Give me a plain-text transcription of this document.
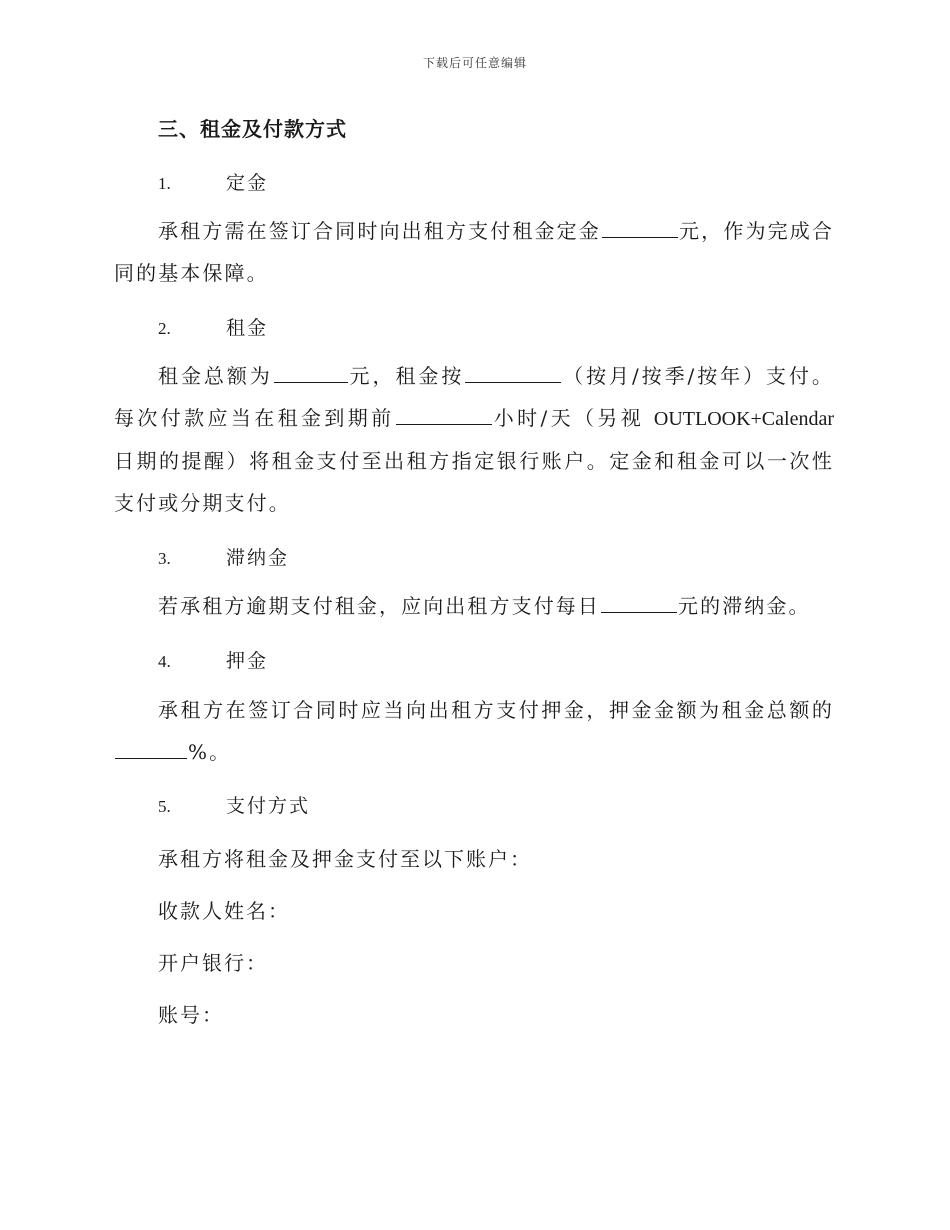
下载后可任意编辑
三、租金及付款方式
1.	定金
承租方需在签订合同时向出租方支付租金定金	元，作为完成合同的基本保障。
2.	租金
租金总额为	元，租金按	（按月/按季/按年）支付。每次付款应当在租金到期前	小时/天（另视 OUTLOOK+Calendar 日期的提醒）将租金支付至出租方指定银行账户。定金和租金可以一次性支付或分期支付。
3.	滞纳金
若承租方逾期支付租金，应向出租方支付每日	元的滞纳金。
4.	押金
承租方在签订合同时应当向出租方支付押金，押金金额为租金总额的%。
5.	支付方式
承租方将租金及押金支付至以下账户：
收款人姓名：
开户银行：
账号：
